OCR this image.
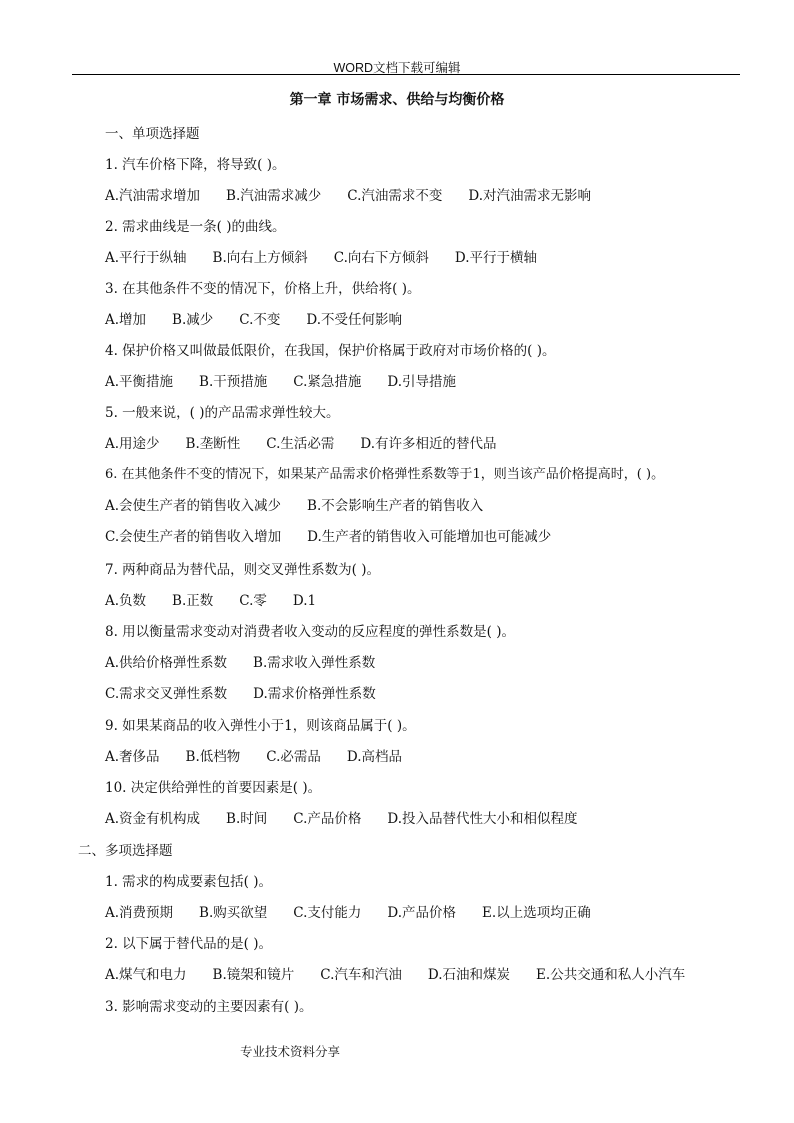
WORD文档下载可编辑
第一章 市场需求、供给与均衡价格
一、单项选择题
1. 汽车价格下降，将导致( )。
A.汽油需求增加 B.汽油需求减少 C.汽油需求不变 D.对汽油需求无影响
2. 需求曲线是一条( )的曲线。
A.平行于纵轴 B.向右上方倾斜 C.向右下方倾斜 D.平行于横轴
3. 在其他条件不变的情况下，价格上升，供给将( )。
A.增加 B.减少 C.不变 D.不受任何影响
4. 保护价格又叫做最低限价，在我国，保护价格属于政府对市场价格的( )。
A.平衡措施 B.干预措施 C.紧急措施 D.引导措施
5. 一般来说，( )的产品需求弹性较大。
A.用途少 B.垄断性 C.生活必需 D.有许多相近的替代品
6. 在其他条件不变的情况下，如果某产品需求价格弹性系数等于1，则当该产品价格提高时，( )。
A.会使生产者的销售收入减少 B.不会影响生产者的销售收入
C.会使生产者的销售收入增加 D.生产者的销售收入可能增加也可能减少
7. 两种商品为替代品，则交叉弹性系数为( )。
A.负数 B.正数 C.零 D.1
8. 用以衡量需求变动对消费者收入变动的反应程度的弹性系数是( )。
A.供给价格弹性系数 B.需求收入弹性系数
C.需求交叉弹性系数 D.需求价格弹性系数
9. 如果某商品的收入弹性小于1，则该商品属于( )。
A.奢侈品 B.低档物 C.必需品 D.高档品
10. 决定供给弹性的首要因素是( )。
A.资金有机构成 B.时间 C.产品价格 D.投入品替代性大小和相似程度
二、多项选择题
1. 需求的构成要素包括( )。
A.消费预期 B.购买欲望 C.支付能力 D.产品价格 E.以上选项均正确
2. 以下属于替代品的是( )。
A.煤气和电力 B.镜架和镜片 C.汽车和汽油 D.石油和煤炭 E.公共交通和私人小汽车
3. 影响需求变动的主要因素有( )。
专业技术资料分享
